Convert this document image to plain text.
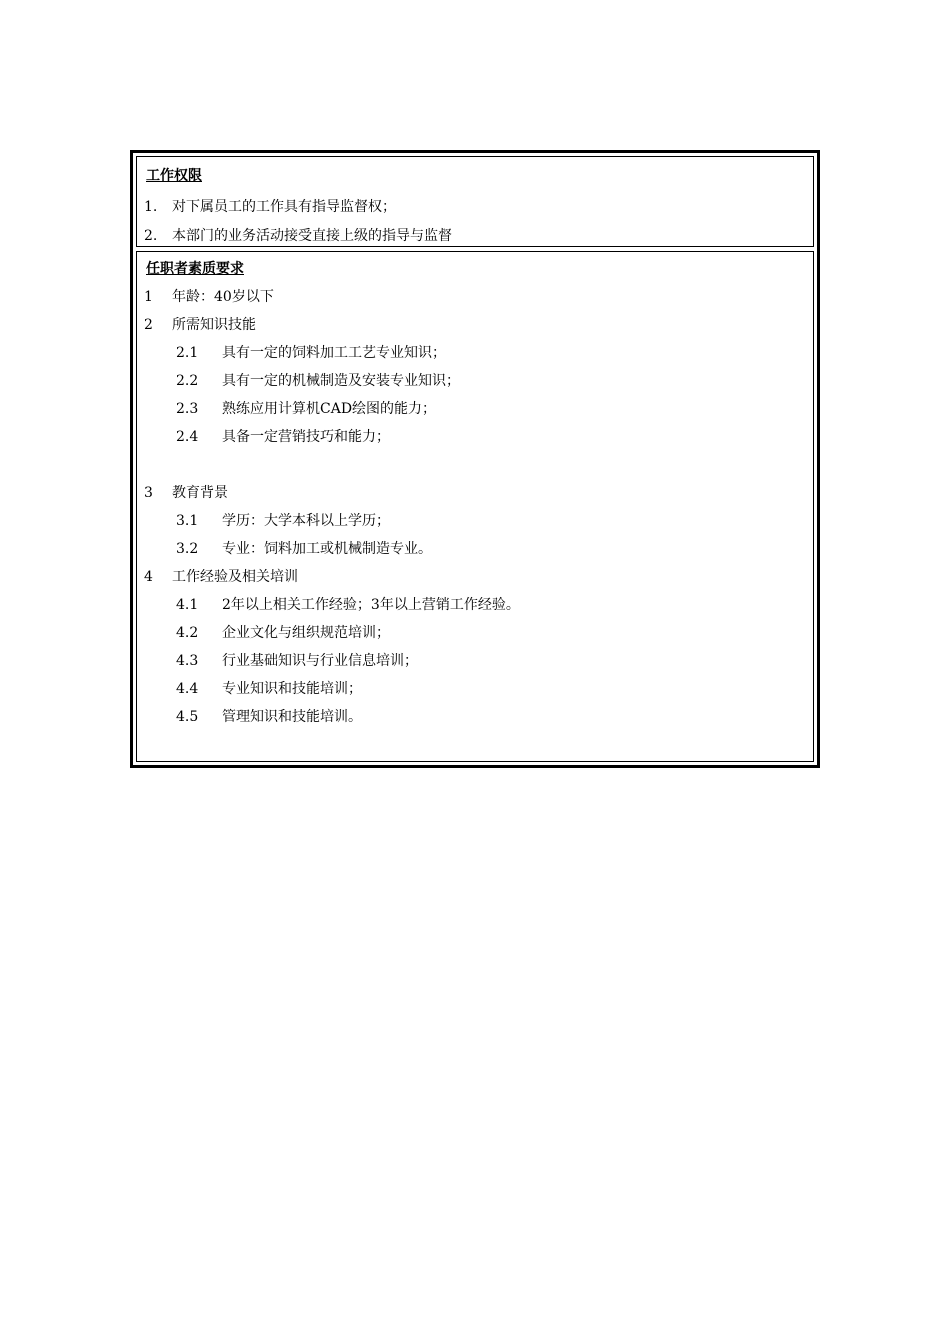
工作权限
1. 对下属员工的工作具有指导监督权；
2. 本部门的业务活动接受直接上级的指导与监督
任职者素质要求
1 年龄：40岁以下
2 所需知识技能
2.1 具有一定的饲料加工工艺专业知识；
2.2 具有一定的机械制造及安装专业知识；
2.3 熟练应用计算机CAD绘图的能力；
2.4 具备一定营销技巧和能力；
3 教育背景
3.1 学历：大学本科以上学历；
3.2 专业：饲料加工或机械制造专业。
4 工作经验及相关培训
4.1 2年以上相关工作经验；3年以上营销工作经验。
4.2 企业文化与组织规范培训；
4.3 行业基础知识与行业信息培训；
4.4 专业知识和技能培训；
4.5 管理知识和技能培训。
